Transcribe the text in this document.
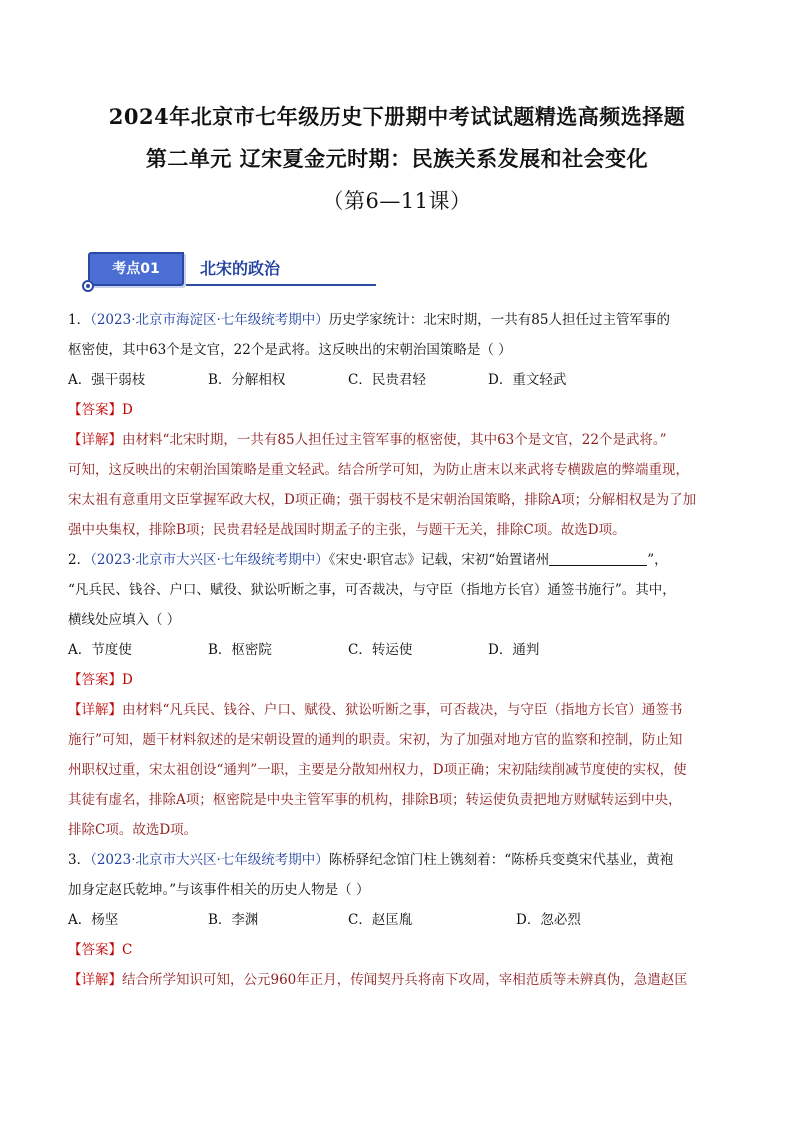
2024年北京市七年级历史下册期中考试试题精选高频选择题
第二单元 辽宋夏金元时期：民族关系发展和社会变化
（第6—11课）
考点01	北宋的政治
1．（2023·北京市海淀区·七年级统考期中）历史学家统计：北宋时期，一共有85人担任过主管军事的
枢密使，其中63个是文官，22个是武将。这反映出的宋朝治国策略是（ ）
A．强干弱枝	B．分解相权	C．民贵君轻	D．重文轻武
【答案】D
【详解】由材料“北宋时期，一共有85人担任过主管军事的枢密使，其中63个是文官，22个是武将。”
可知，这反映出的宋朝治国策略是重文轻武。结合所学可知，为防止唐末以来武将专横跋扈的弊端重现，
宋太祖有意重用文臣掌握军政大权，D项正确；强干弱枝不是宋朝治国策略，排除A项；分解相权是为了加
强中央集权，排除B项；民贵君轻是战国时期孟子的主张，与题干无关，排除C项。故选D项。
2．（2023·北京市大兴区·七年级统考期中）《宋史·职官志》记载，宋初“始置诸州	”，
“凡兵民、钱谷、户口、赋役、狱讼听断之事，可否裁决，与守臣（指地方长官）通签书施行”。其中，
横线处应填入（ ）
A．节度使	B．枢密院	C．转运使	D．通判
【答案】D
【详解】由材料“凡兵民、钱谷、户口、赋役、狱讼听断之事，可否裁决，与守臣（指地方长官）通签书
施行”可知，题干材料叙述的是宋朝设置的通判的职责。宋初，为了加强对地方官的监察和控制，防止知
州职权过重，宋太祖创设“通判”一职，主要是分散知州权力，D项正确；宋初陆续削减节度使的实权，使
其徒有虚名，排除A项；枢密院是中央主管军事的机构，排除B项；转运使负责把地方财赋转运到中央，
排除C项。故选D项。
3．（2023·北京市大兴区·七年级统考期中）陈桥驿纪念馆门柱上镌刻着：“陈桥兵变奠宋代基业，黄袍
加身定赵氏乾坤。”与该事件相关的历史人物是（ ）
A．杨坚	B．李渊	C．赵匡胤	D．忽必烈
【答案】C
【详解】结合所学知识可知，公元960年正月，传闻契丹兵将南下攻周，宰相范质等未辨真伪，急遣赵匡
